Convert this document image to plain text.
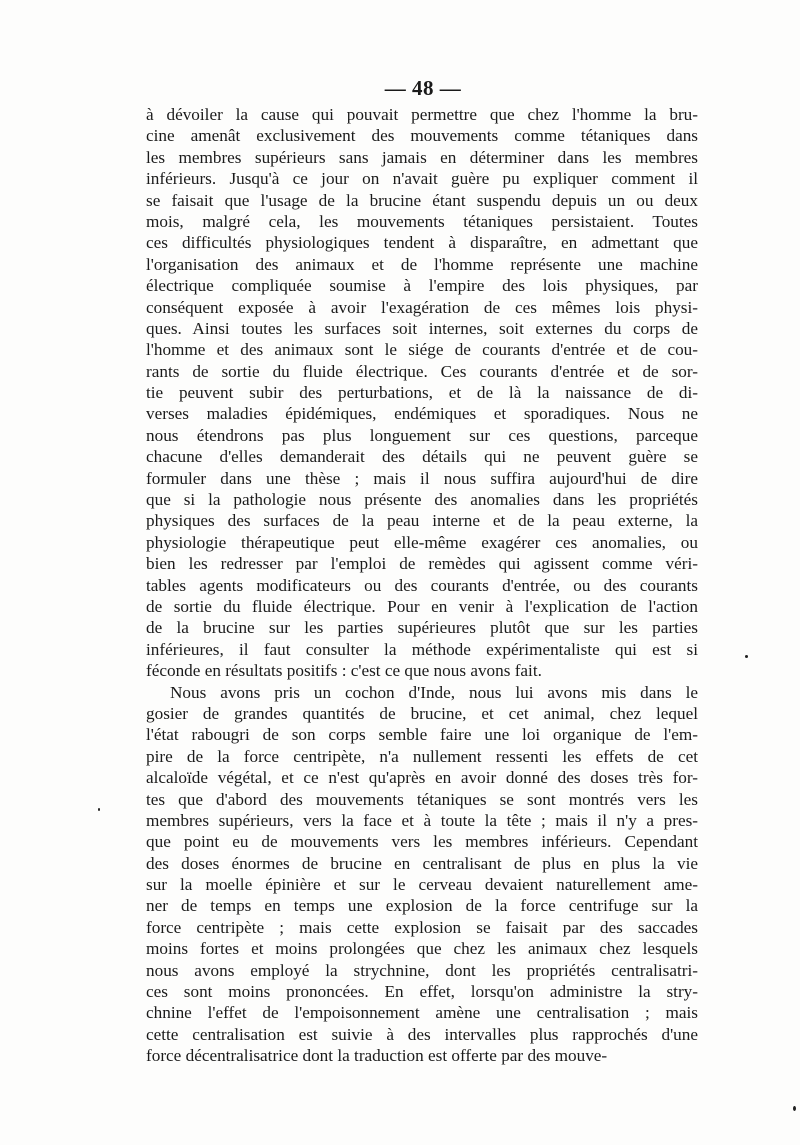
— 48 —
à dévoiler la cause qui pouvait permettre que chez l'homme la bru-
cine amenât exclusivement des mouvements comme tétaniques dans
les membres supérieurs sans jamais en déterminer dans les membres
inférieurs. Jusqu'à ce jour on n'avait guère pu expliquer comment il
se faisait que l'usage de la brucine étant suspendu depuis un ou deux
mois, malgré cela, les mouvements tétaniques persistaient. Toutes
ces difficultés physiologiques tendent à disparaître, en admettant que
l'organisation des animaux et de l'homme représente une machine
électrique compliquée soumise à l'empire des lois physiques, par
conséquent exposée à avoir l'exagération de ces mêmes lois physi-
ques. Ainsi toutes les surfaces soit internes, soit externes du corps de
l'homme et des animaux sont le siége de courants d'entrée et de cou-
rants de sortie du fluide électrique. Ces courants d'entrée et de sor-
tie peuvent subir des perturbations, et de là la naissance de di-
verses maladies épidémiques, endémiques et sporadiques. Nous ne
nous étendrons pas plus longuement sur ces questions, parceque
chacune d'elles demanderait des détails qui ne peuvent guère se
formuler dans une thèse ; mais il nous suffira aujourd'hui de dire
que si la pathologie nous présente des anomalies dans les propriétés
physiques des surfaces de la peau interne et de la peau externe, la
physiologie thérapeutique peut elle-même exagérer ces anomalies, ou
bien les redresser par l'emploi de remèdes qui agissent comme véri-
tables agents modificateurs ou des courants d'entrée, ou des courants
de sortie du fluide électrique. Pour en venir à l'explication de l'action
de la brucine sur les parties supérieures plutôt que sur les parties
inférieures, il faut consulter la méthode expérimentaliste qui est si
féconde en résultats positifs : c'est ce que nous avons fait.
Nous avons pris un cochon d'Inde, nous lui avons mis dans le
gosier de grandes quantités de brucine, et cet animal, chez lequel
l'état rabougri de son corps semble faire une loi organique de l'em-
pire de la force centripète, n'a nullement ressenti les effets de cet
alcaloïde végétal, et ce n'est qu'après en avoir donné des doses très for-
tes que d'abord des mouvements tétaniques se sont montrés vers les
membres supérieurs, vers la face et à toute la tête ; mais il n'y a pres-
que point eu de mouvements vers les membres inférieurs. Cependant
des doses énormes de brucine en centralisant de plus en plus la vie
sur la moelle épinière et sur le cerveau devaient naturellement ame-
ner de temps en temps une explosion de la force centrifuge sur la
force centripète ; mais cette explosion se faisait par des saccades
moins fortes et moins prolongées que chez les animaux chez lesquels
nous avons employé la strychnine, dont les propriétés centralisatri-
ces sont moins prononcées. En effet, lorsqu'on administre la stry-
chnine l'effet de l'empoisonnement amène une centralisation ; mais
cette centralisation est suivie à des intervalles plus rapprochés d'une
force décentralisatrice dont la traduction est offerte par des mouve-
